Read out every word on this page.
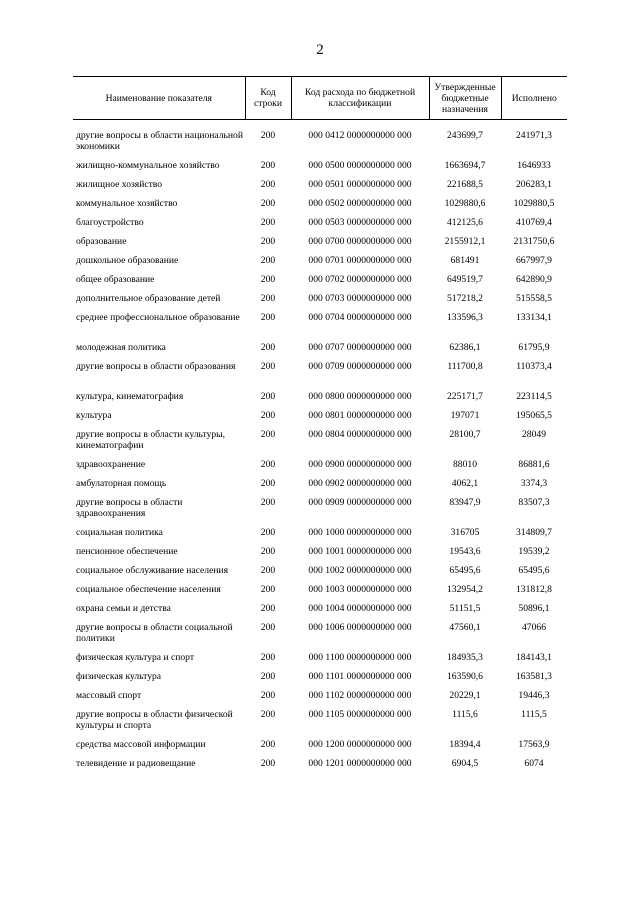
2
Наименование показателя	Код строки	Код расхода по бюджетной классификации	Утвержденные бюджетные назначения	Исполнено
другие вопросы в области национальной экономики	200	000 0412 0000000000 000	243699,7	241971,3
жилищно-коммунальное хозяйство	200	000 0500 0000000000 000	1663694,7	1646933
жилищное хозяйство	200	000 0501 0000000000 000	221688,5	206283,1
коммунальное хозяйство	200	000 0502 0000000000 000	1029880,6	1029880,5
благоустройство	200	000 0503 0000000000 000	412125,6	410769,4
образование	200	000 0700 0000000000 000	2155912,1	2131750,6
дошкольное образование	200	000 0701 0000000000 000	681491	667997,9
общее образование	200	000 0702 0000000000 000	649519,7	642890,9
дополнительное образование детей	200	000 0703 0000000000 000	517218,2	515558,5
среднее профессиональное образование	200	000 0704 0000000000 000	133596,3	133134,1
молодежная политика	200	000 0707 0000000000 000	62386,1	61795,9
другие вопросы в области образования	200	000 0709 0000000000 000	111700,8	110373,4
культура, кинематография	200	000 0800 0000000000 000	225171,7	223114,5
культура	200	000 0801 0000000000 000	197071	195065,5
другие вопросы в области культуры, кинематографии	200	000 0804 0000000000 000	28100,7	28049
здравоохранение	200	000 0900 0000000000 000	88010	86881,6
амбулаторная помощь	200	000 0902 0000000000 000	4062,1	3374,3
другие вопросы в области здравоохранения	200	000 0909 0000000000 000	83947,9	83507,3
социальная политика	200	000 1000 0000000000 000	316705	314809,7
пенсионное обеспечение	200	000 1001 0000000000 000	19543,6	19539,2
социальное обслуживание населения	200	000 1002 0000000000 000	65495,6	65495,6
социальное обеспечение населения	200	000 1003 0000000000 000	132954,2	131812,8
охрана семьи и детства	200	000 1004 0000000000 000	51151,5	50896,1
другие вопросы в области социальной политики	200	000 1006 0000000000 000	47560,1	47066
физическая культура и спорт	200	000 1100 0000000000 000	184935,3	184143,1
физическая культура	200	000 1101 0000000000 000	163590,6	163581,3
массовый спорт	200	000 1102 0000000000 000	20229,1	19446,3
другие вопросы в области физической культуры и спорта	200	000 1105 0000000000 000	1115,6	1115,5
средства массовой информации	200	000 1200 0000000000 000	18394,4	17563,9
телевидение и радиовещание	200	000 1201 0000000000 000	6904,5	6074
